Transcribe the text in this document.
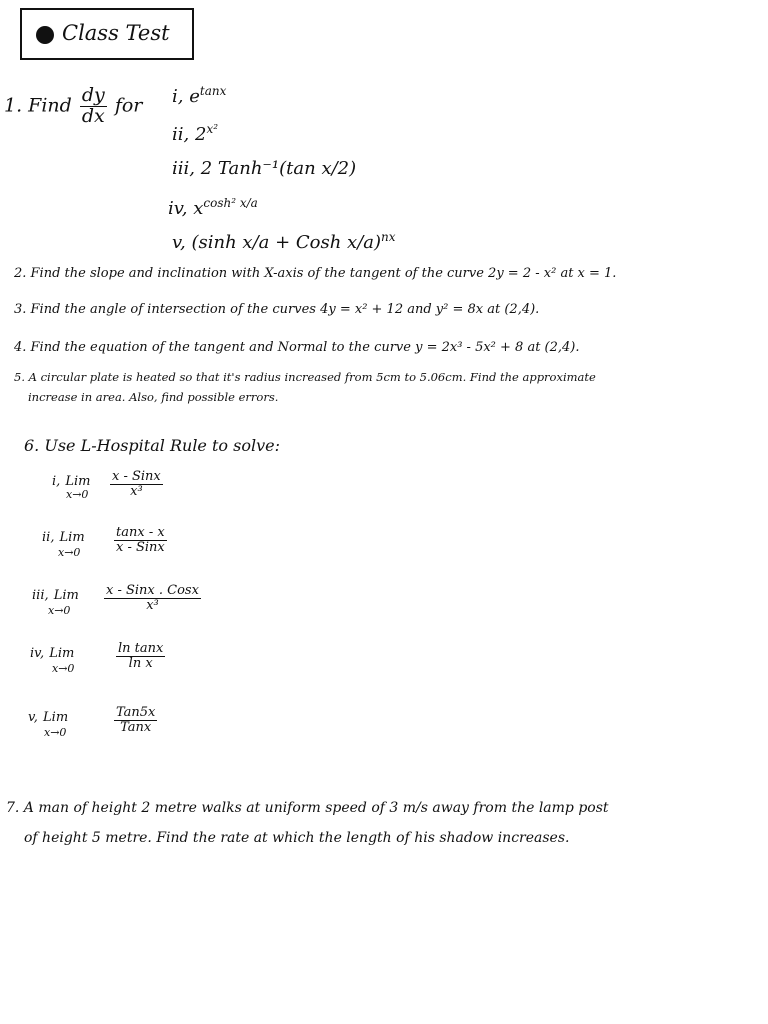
Class Test
1. Find $\frac{dy}{dx}$ for i, $e^{tanx}$
ii, $2^{x^2}$
iii, 2 Tanh⁻¹(tan x/2)
iv, $x^{cosh^2 x/a}$
v, (sinh x/a + Cosh x/a)$^{nx}$
2. Find the slope and inclination with X-axis of the tangent of the curve 2y = 2 - x² at x = 1.
3. Find the angle of intersection of the curves 4y = x² + 12 and y² = 8x at (2,4).
4. Find the equation of the tangent and Normal to the curve y = 2x³ - 5x² + 8 at (2,4).
5. A circular plate is heated so that it's radius increased from 5cm to 5.06cm. Find the approximate
increase in area. Also, find possible errors.
6. Use L-Hospital Rule to solve:
i, Lim
x→0
x - Sinx
x³
ii, Lim
x→0
tanx - x
x - Sinx
iii, Lim
x→0
x - Sinx . Cosx
x³
iv, Lim
x→0	$\frac{\text{ln tanx}}{\text{ln x}}$
v, Lim
x→0
Tan5x
Tanx
7. A man of height 2 metre walks at uniform speed of 3 m/s away from the lamp post
of height 5 metre. Find the rate at which the length of his shadow increases.
